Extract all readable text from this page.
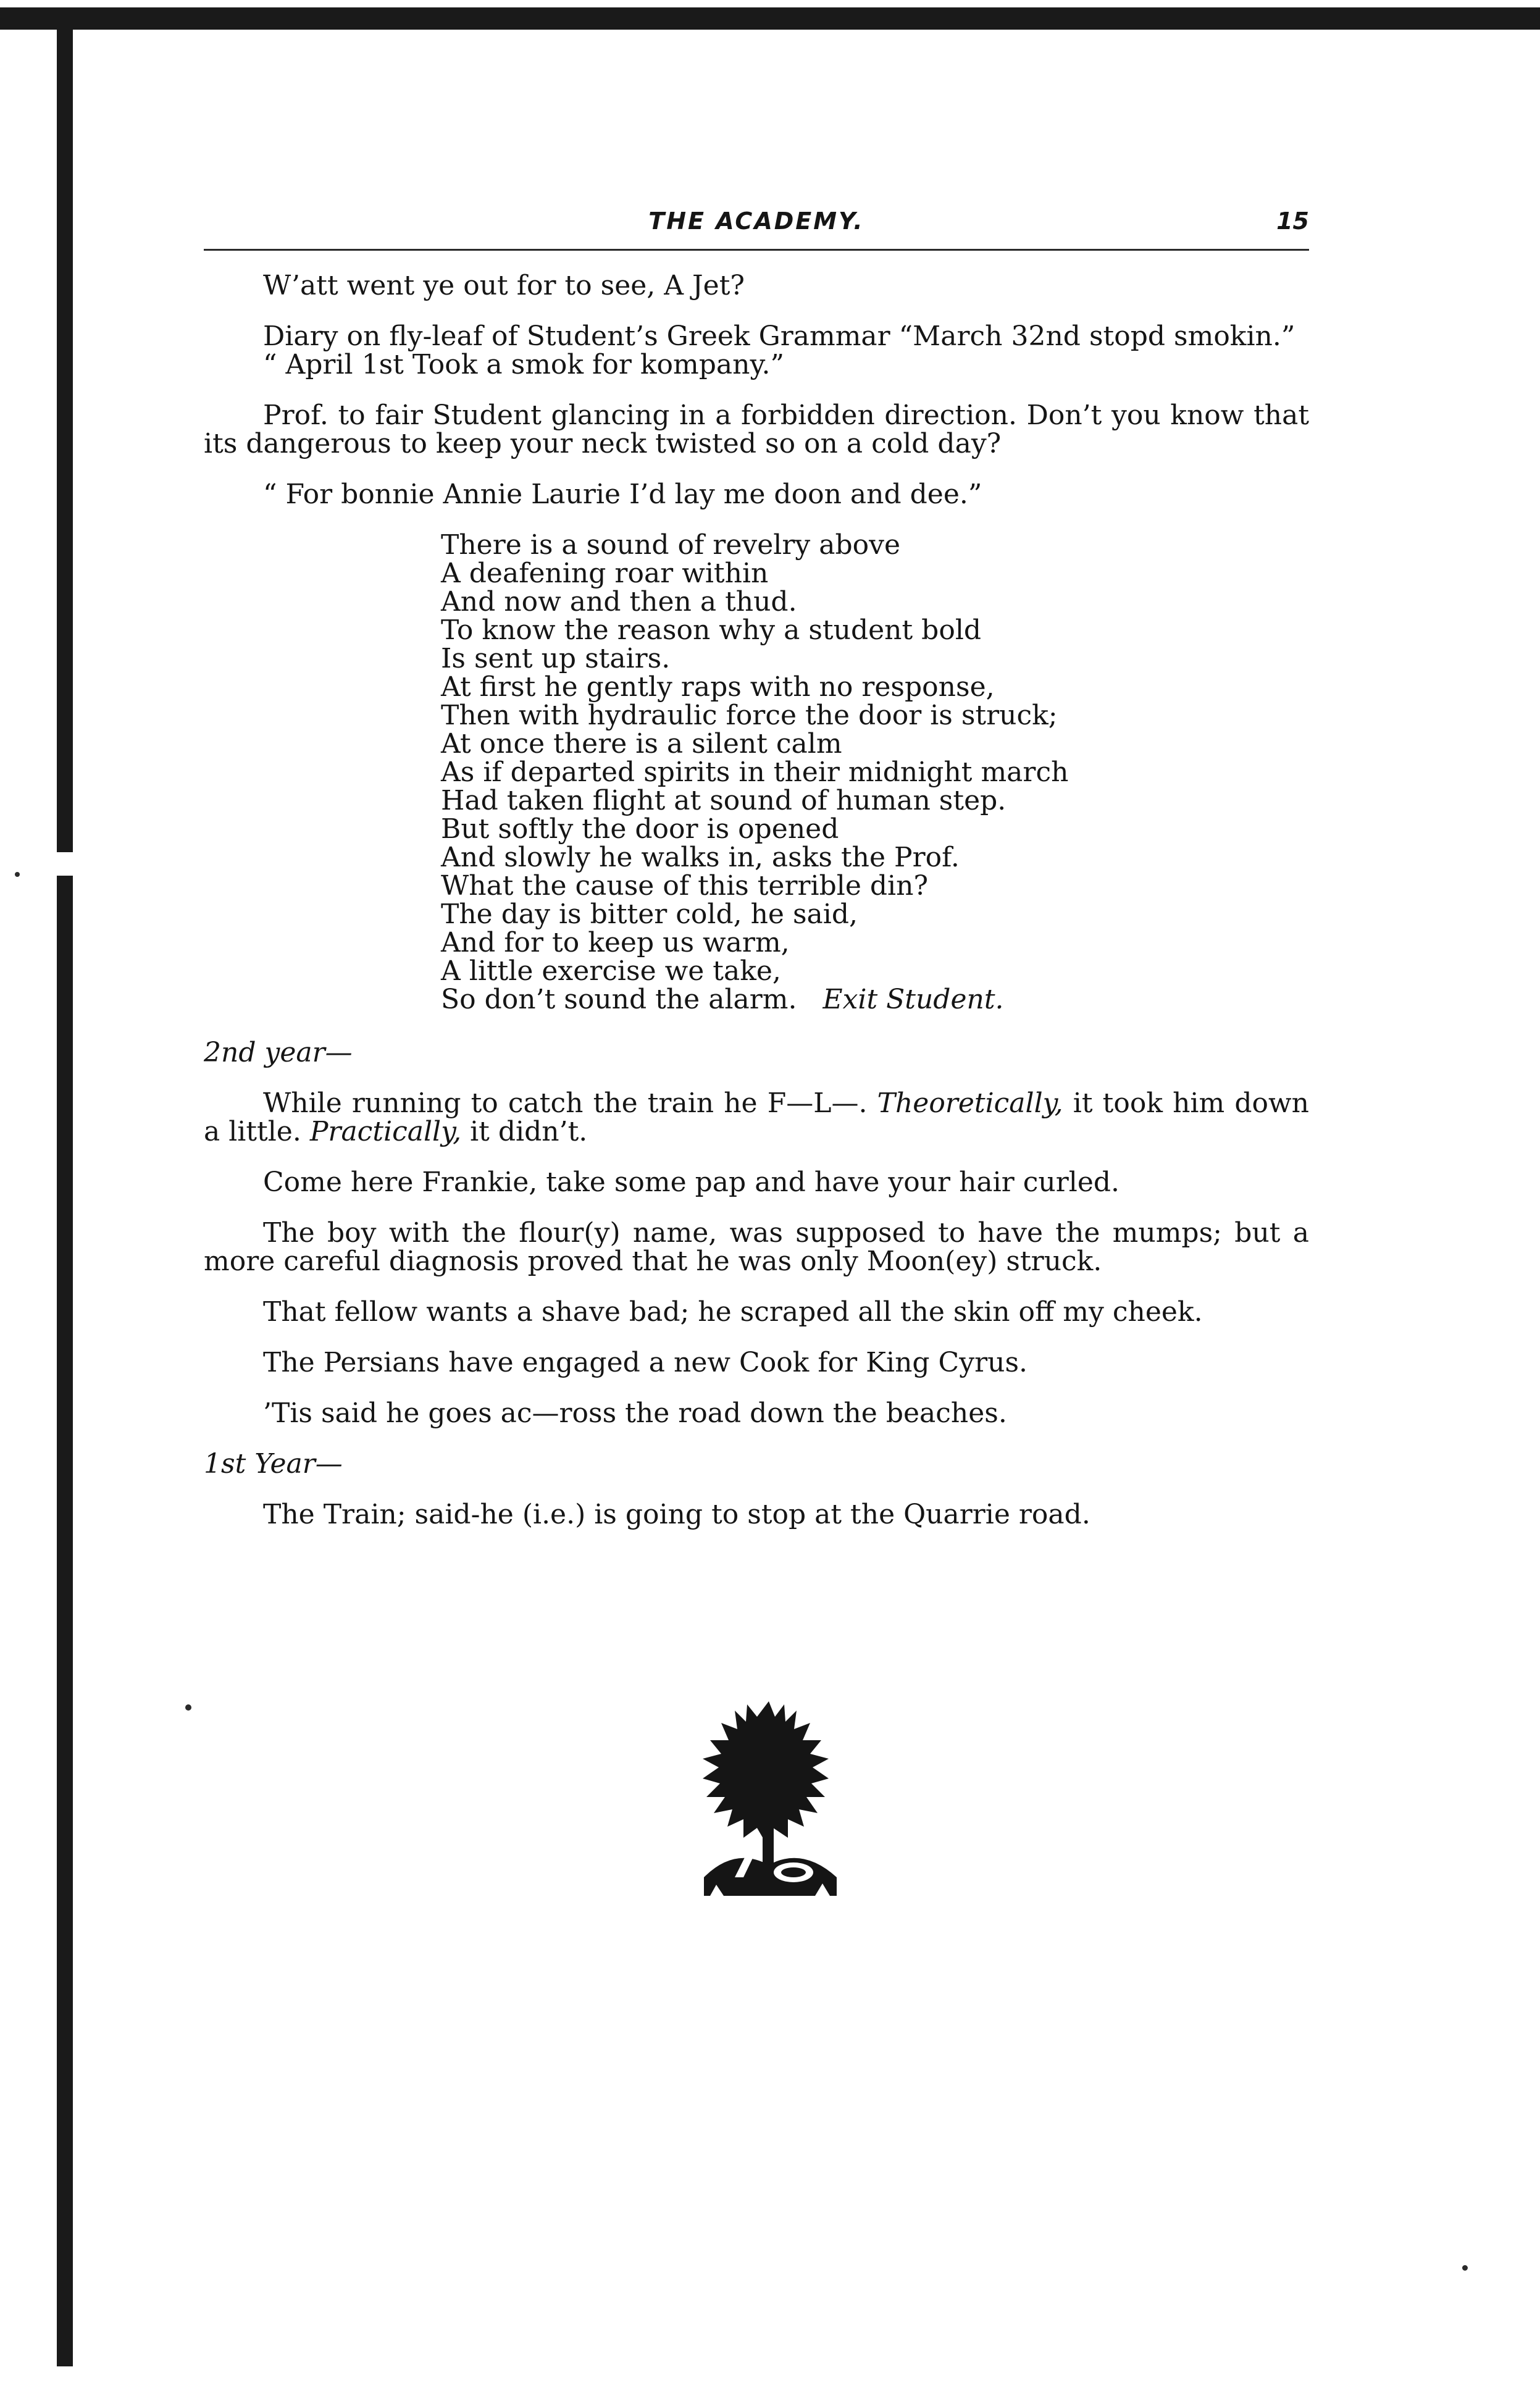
THE ACADEMY.	15

W’att went ye out for to see, A Jet?

Diary on fly-leaf of Student’s Greek Grammar “March 32nd stopd smokin.”

“ April 1st Took a smok for kompany.”

Prof. to fair Student glancing in a forbidden direction. Don’t you know that its dangerous to keep your neck twisted so on a cold day?

“ For bonnie Annie Laurie I’d lay me doon and dee.”

There is a sound of revelry above
A deafening roar within
And now and then a thud.
To know the reason why a student bold
Is sent up stairs.
At first he gently raps with no response,
Then with hydraulic force the door is struck;
At once there is a silent calm
As if departed spirits in their midnight march
Had taken flight at sound of human step.
But softly the door is opened
And slowly he walks in, asks the Prof.
What the cause of this terrible din?
The day is bitter cold, he said,
And for to keep us warm,
A little exercise we take,
So don’t sound the alarm. Exit Student.

2nd year—

While running to catch the train he F—L—. Theoretically, it took him down a little. Practically, it didn’t.

Come here Frankie, take some pap and have your hair curled.

The boy with the flour(y) name, was supposed to have the mumps; but a more careful diagnosis proved that he was only Moon(ey) struck.

That fellow wants a shave bad; he scraped all the skin off my cheek.

The Persians have engaged a new Cook for King Cyrus.

’Tis said he goes ac—ross the road down the beaches.

1st Year—

The Train; said-he (i.e.) is going to stop at the Quarrie road.
